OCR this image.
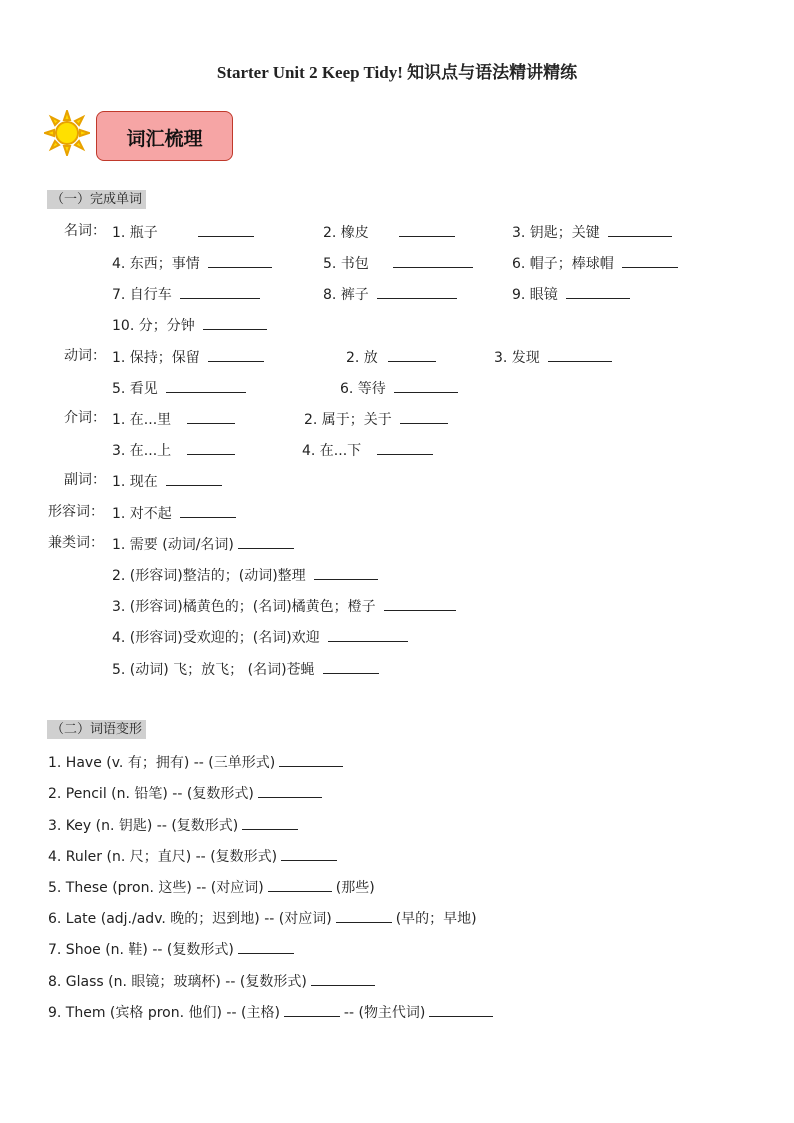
Starter Unit 2 Keep Tidy! 知识点与语法精讲精练
词汇梳理
（一）完成单词
名词： 1. 瓶子	2. 橡皮	3. 钥匙；关键
4. 东西；事情	5. 书包	6. 帽子；棒球帽
7. 自行车	8. 裤子	9. 眼镜
10. 分；分钟
动词： 1. 保持；保留	2. 放	3. 发现
5. 看见	6. 等待
介词： 1. 在...里	2. 属于；关于
3. 在...上	4. 在...下
副词： 1. 现在
形容词： 1. 对不起
兼类词： 1. 需要 (动词/名词)
2. (形容词)整洁的；(动词)整理
3. (形容词)橘黄色的；(名词)橘黄色；橙子
4. (形容词)受欢迎的；(名词)欢迎
5. (动词) 飞；放飞； (名词)苍蝇
（二）词语变形
1. Have (v. 有；拥有) -- (三单形式)
2. Pencil (n. 铅笔) -- (复数形式)
3. Key (n. 钥匙) -- (复数形式)
4. Ruler (n. 尺；直尺) -- (复数形式)
5. These (pron. 这些) -- (对应词)	(那些)
6. Late (adj./adv. 晚的；迟到地) -- (对应词)	(早的；早地)
7. Shoe (n. 鞋) -- (复数形式)
8. Glass (n. 眼镜；玻璃杯) -- (复数形式)
9. Them (宾格 pron. 他们) -- (主格)	-- (物主代词)
